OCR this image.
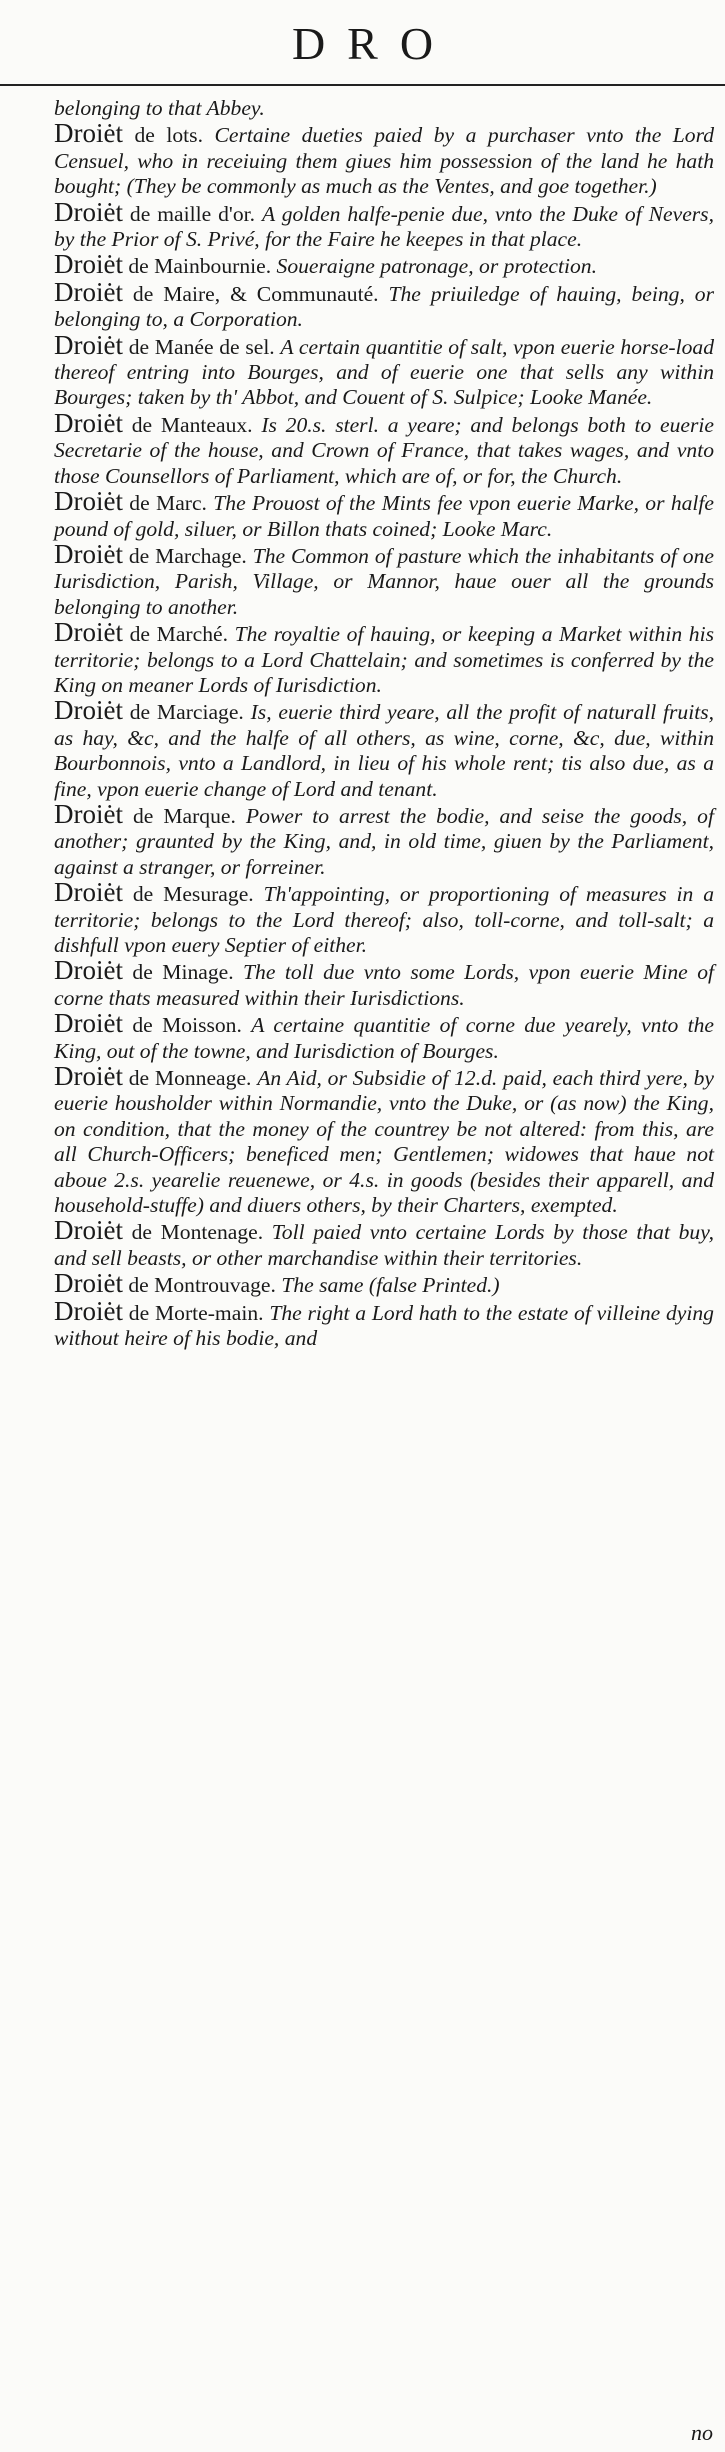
DRO

belonging to that Abbey.

Droiėt de lots. Certaine dueties paied by a purchaser vnto the Lord Censuel, who in receiuing them giues him possession of the land he hath bought; (They be commonly as much as the Ventes, and goe together.)

Droiėt de maille d'or. A golden halfe-penie due, vnto the Duke of Nevers, by the Prior of S. Privé, for the Faire he keepes in that place.

Droiėt de Mainbournie. Soueraigne patronage, or protection.

Droiėt de Maire, & Communauté. The priuiledge of hauing, being, or belonging to, a Corporation.

Droiėt de Manée de sel. A certain quantitie of salt, vpon euerie horse-load thereof entring into Bourges, and of euerie one that sells any within Bourges; taken by th' Abbot, and Couent of S. Sulpice; Looke Manée.

Droiėt de Manteaux. Is 20.s. sterl. a yeare; and belongs both to euerie Secretarie of the house, and Crown of France, that takes wages, and vnto those Counsellors of Parliament, which are of, or for, the Church.

Droiėt de Marc. The Prouost of the Mints fee vpon euerie Marke, or halfe pound of gold, siluer, or Billon thats coined; Looke Marc.

Droiėt de Marchage. The Common of pasture which the inhabitants of one Iurisdiction, Parish, Village, or Mannor, haue ouer all the grounds belonging to another.

Droiėt de Marché. The royaltie of hauing, or keeping a Market within his territorie; belongs to a Lord Chattelain; and sometimes is conferred by the King on meaner Lords of Iurisdiction.

Droiėt de Marciage. Is, euerie third yeare, all the profit of naturall fruits, as hay, &c, and the halfe of all others, as wine, corne, &c, due, within Bourbonnois, vnto a Landlord, in lieu of his whole rent; tis also due, as a fine, vpon euerie change of Lord and tenant.

Droiėt de Marque. Power to arrest the bodie, and seise the goods, of another; graunted by the King, and, in old time, giuen by the Parliament, against a stranger, or forreiner.

Droiėt de Mesurage. Th'appointing, or proportioning of measures in a territorie; belongs to the Lord thereof; also, toll-corne, and toll-salt; a dishfull vpon euery Septier of either.

Droiėt de Minage. The toll due vnto some Lords, vpon euerie Mine of corne thats measured within their Iurisdictions.

Droiėt de Moisson. A certaine quantitie of corne due yearely, vnto the King, out of the towne, and Iurisdiction of Bourges.

Droiėt de Monneage. An Aid, or Subsidie of 12.d. paid, each third yere, by euerie housholder within Normandie, vnto the Duke, or (as now) the King, on condition, that the money of the countrey be not altered: from this, are all Church-Officers; beneficed men; Gentlemen; widowes that haue not aboue 2.s. yearelie reuenewe, or 4.s. in goods (besides their apparell, and household-stuffe) and diuers others, by their Charters, exempted.

Droiėt de Montenage. Toll paied vnto certaine Lords by those that buy, and sell beasts, or other marchandise within their territories.

Droiėt de Montrouvage. The same (false Printed.)

Droiėt de Morte-main. The right a Lord hath to the estate of villeine dying without heire of his bodie, and

no
